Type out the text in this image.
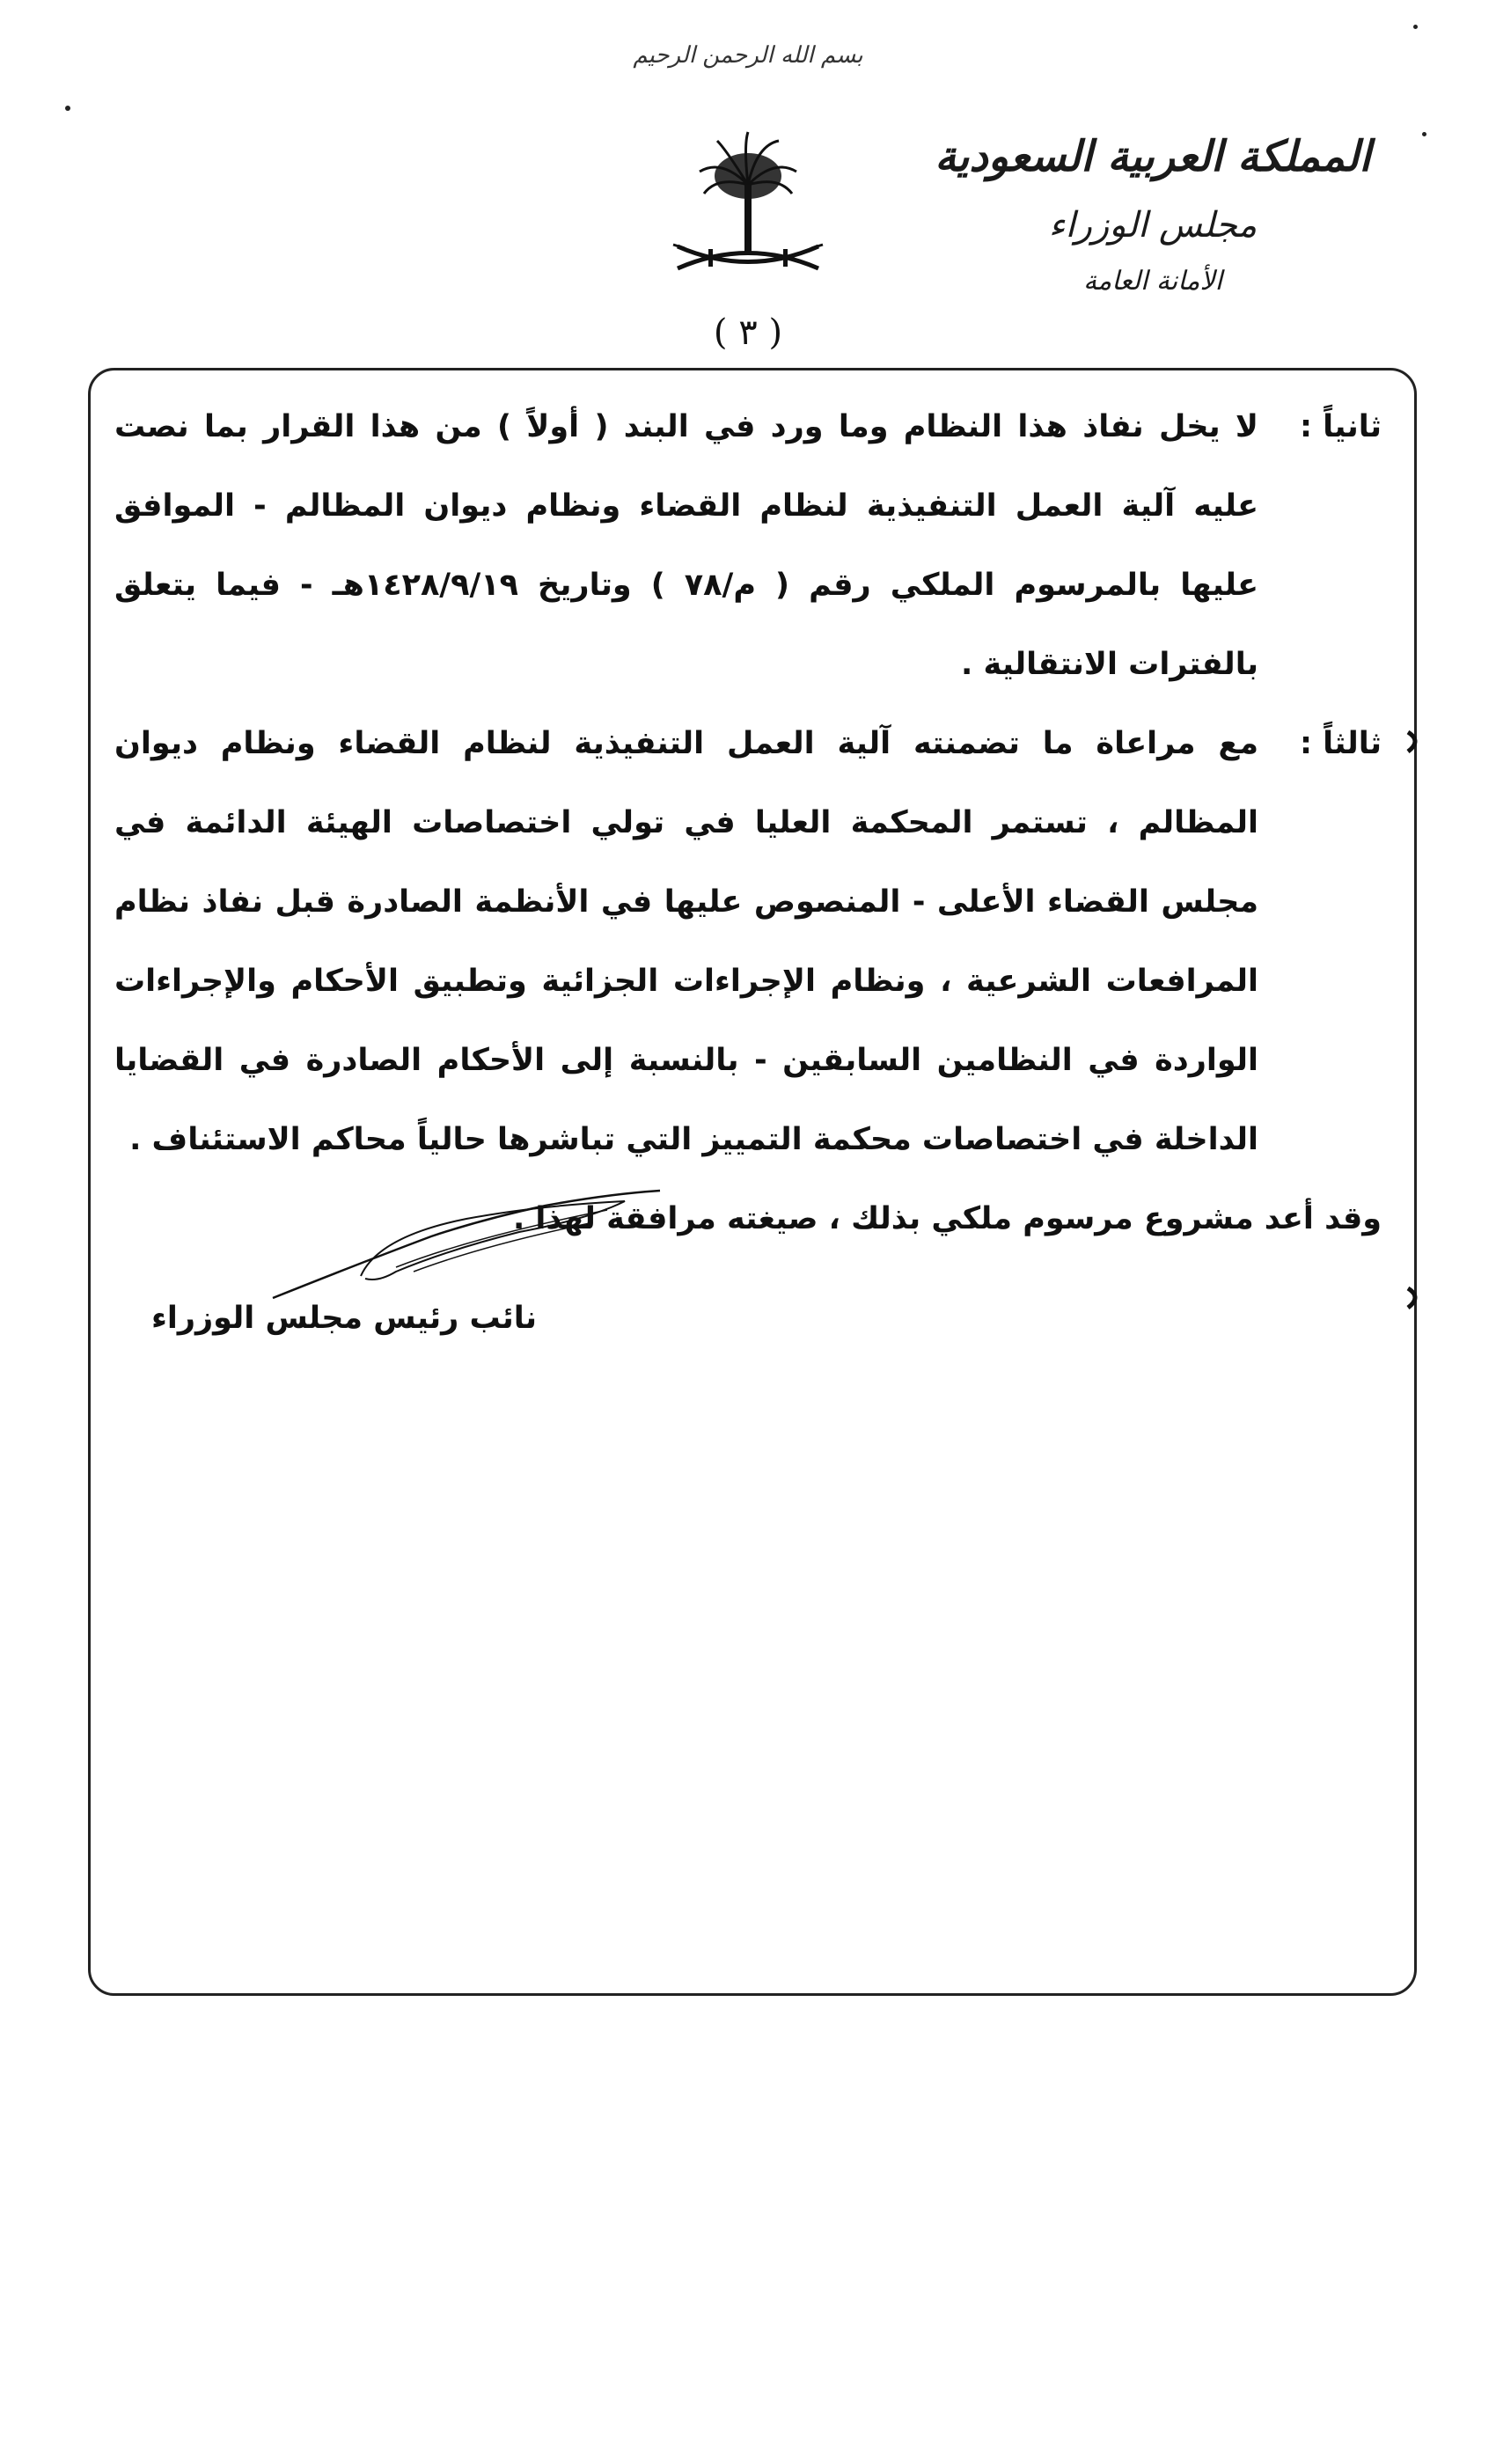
بسم الله الرحمن الرحيم
( ٣ )
المملكة العربية السعودية
مجلس الوزراء
الأمانة العامة
ثانياً :
لا يخل نفاذ هذا النظام وما ورد في البند ( أولاً ) من هذا القرار بما نصت عليه آلية العمل التنفيذية لنظام القضاء ونظام ديوان المظالم - الموافق عليها بالمرسوم الملكي رقم ( م/٧٨ ) وتاريخ ١٤٢٨/٩/١٩هـ - فيما يتعلق بالفترات الانتقالية .
ثالثاً :
مع مراعاة ما تضمنته آلية العمل التنفيذية لنظام القضاء ونظام ديوان المظالم ، تستمر المحكمة العليا في تولي اختصاصات الهيئة الدائمة في مجلس القضاء الأعلى - المنصوص عليها في الأنظمة الصادرة قبل نفاذ نظام المرافعات الشرعية ، ونظام الإجراءات الجزائية وتطبيق الأحكام والإجراءات الواردة في النظامين السابقين - بالنسبة إلى الأحكام الصادرة في القضايا الداخلة في اختصاصات محكمة التمييز التي تباشرها حالياً محاكم الاستئناف .
وقد أعد مشروع مرسوم ملكي بذلك ، صيغته مرافقة لهذا .
نائب رئيس مجلس الوزراء
